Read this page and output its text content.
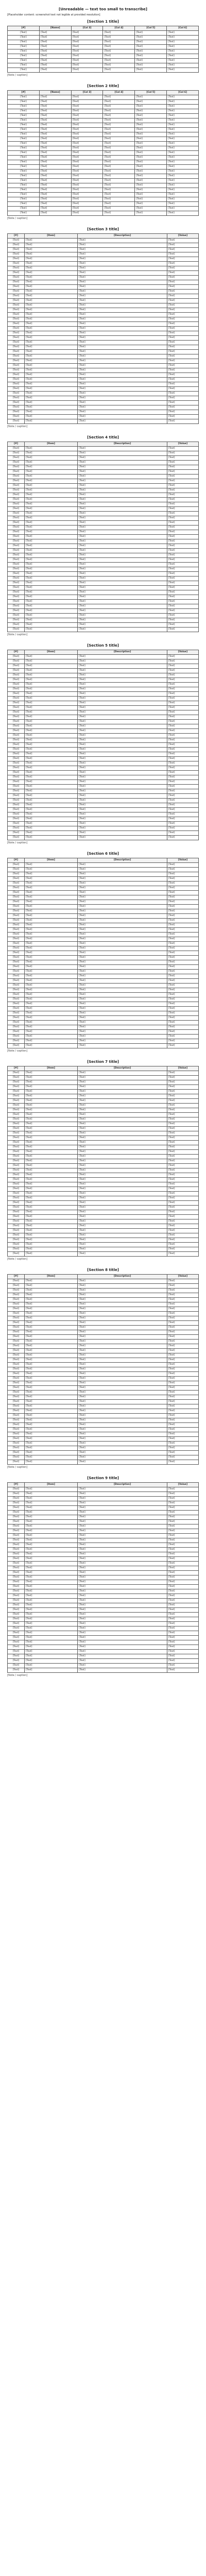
[Unreadable — text too small to transcribe]
[Placeholder content: screenshot text not legible at provided resolution]
[Section 1 title]
[#]	[Name]	[Col 3]	[Col 4]	[Col 5]	[Col 6]
[Text]	[Text]	[Text]	[Text]	[Text]	[Text]
[Text]	[Text]	[Text]	[Text]	[Text]	[Text]
[Text]	[Text]	[Text]	[Text]	[Text]	[Text]
[Text]	[Text]	[Text]	[Text]	[Text]	[Text]
[Text]	[Text]	[Text]	[Text]	[Text]	[Text]
[Text]	[Text]	[Text]	[Text]	[Text]	[Text]
[Text]	[Text]	[Text]	[Text]	[Text]	[Text]
[Text]	[Text]	[Text]	[Text]	[Text]	[Text]
[Text]	[Text]	[Text]	[Text]	[Text]	[Text]
[Note / caption]
[Section 2 title]
[#]	[Name]	[Col 3]	[Col 4]	[Col 5]	[Col 6]
[Text]	[Text]	[Text]	[Text]	[Text]	[Text]
[Text]	[Text]	[Text]	[Text]	[Text]	[Text]
[Text]	[Text]	[Text]	[Text]	[Text]	[Text]
[Text]	[Text]	[Text]	[Text]	[Text]	[Text]
[Text]	[Text]	[Text]	[Text]	[Text]	[Text]
[Text]	[Text]	[Text]	[Text]	[Text]	[Text]
[Text]	[Text]	[Text]	[Text]	[Text]	[Text]
[Text]	[Text]	[Text]	[Text]	[Text]	[Text]
[Text]	[Text]	[Text]	[Text]	[Text]	[Text]
[Text]	[Text]	[Text]	[Text]	[Text]	[Text]
[Text]	[Text]	[Text]	[Text]	[Text]	[Text]
[Text]	[Text]	[Text]	[Text]	[Text]	[Text]
[Text]	[Text]	[Text]	[Text]	[Text]	[Text]
[Text]	[Text]	[Text]	[Text]	[Text]	[Text]
[Text]	[Text]	[Text]	[Text]	[Text]	[Text]
[Text]	[Text]	[Text]	[Text]	[Text]	[Text]
[Text]	[Text]	[Text]	[Text]	[Text]	[Text]
[Text]	[Text]	[Text]	[Text]	[Text]	[Text]
[Text]	[Text]	[Text]	[Text]	[Text]	[Text]
[Text]	[Text]	[Text]	[Text]	[Text]	[Text]
[Text]	[Text]	[Text]	[Text]	[Text]	[Text]
[Text]	[Text]	[Text]	[Text]	[Text]	[Text]
[Text]	[Text]	[Text]	[Text]	[Text]	[Text]
[Text]	[Text]	[Text]	[Text]	[Text]	[Text]
[Text]	[Text]	[Text]	[Text]	[Text]	[Text]
[Text]	[Text]	[Text]	[Text]	[Text]	[Text]
[Note / caption]
[Section 3 title]
[#]	[Item]	[Description]	[Value]
[Text]	[Text]	[Text]	[Text]
[Text]	[Text]	[Text]	[Text]
[Text]	[Text]	[Text]	[Text]
[Text]	[Text]	[Text]	[Text]
[Text]	[Text]	[Text]	[Text]
[Text]	[Text]	[Text]	[Text]
[Text]	[Text]	[Text]	[Text]
[Text]	[Text]	[Text]	[Text]
[Text]	[Text]	[Text]	[Text]
[Text]	[Text]	[Text]	[Text]
[Text]	[Text]	[Text]	[Text]
[Text]	[Text]	[Text]	[Text]
[Text]	[Text]	[Text]	[Text]
[Text]	[Text]	[Text]	[Text]
[Text]	[Text]	[Text]	[Text]
[Text]	[Text]	[Text]	[Text]
[Text]	[Text]	[Text]	[Text]
[Text]	[Text]	[Text]	[Text]
[Text]	[Text]	[Text]	[Text]
[Text]	[Text]	[Text]	[Text]
[Text]	[Text]	[Text]	[Text]
[Text]	[Text]	[Text]	[Text]
[Text]	[Text]	[Text]	[Text]
[Text]	[Text]	[Text]	[Text]
[Text]	[Text]	[Text]	[Text]
[Text]	[Text]	[Text]	[Text]
[Text]	[Text]	[Text]	[Text]
[Text]	[Text]	[Text]	[Text]
[Text]	[Text]	[Text]	[Text]
[Text]	[Text]	[Text]	[Text]
[Text]	[Text]	[Text]	[Text]
[Text]	[Text]	[Text]	[Text]
[Text]	[Text]	[Text]	[Text]
[Text]	[Text]	[Text]	[Text]
[Text]	[Text]	[Text]	[Text]
[Text]	[Text]	[Text]	[Text]
[Text]	[Text]	[Text]	[Text]
[Text]	[Text]	[Text]	[Text]
[Text]	[Text]	[Text]	[Text]
[Text]	[Text]	[Text]	[Text]
[Note / caption]
[Section 4 title]
[#]	[Item]	[Description]	[Value]
[Text]	[Text]	[Text]	[Text]
[Text]	[Text]	[Text]	[Text]
[Text]	[Text]	[Text]	[Text]
[Text]	[Text]	[Text]	[Text]
[Text]	[Text]	[Text]	[Text]
[Text]	[Text]	[Text]	[Text]
[Text]	[Text]	[Text]	[Text]
[Text]	[Text]	[Text]	[Text]
[Text]	[Text]	[Text]	[Text]
[Text]	[Text]	[Text]	[Text]
[Text]	[Text]	[Text]	[Text]
[Text]	[Text]	[Text]	[Text]
[Text]	[Text]	[Text]	[Text]
[Text]	[Text]	[Text]	[Text]
[Text]	[Text]	[Text]	[Text]
[Text]	[Text]	[Text]	[Text]
[Text]	[Text]	[Text]	[Text]
[Text]	[Text]	[Text]	[Text]
[Text]	[Text]	[Text]	[Text]
[Text]	[Text]	[Text]	[Text]
[Text]	[Text]	[Text]	[Text]
[Text]	[Text]	[Text]	[Text]
[Text]	[Text]	[Text]	[Text]
[Text]	[Text]	[Text]	[Text]
[Text]	[Text]	[Text]	[Text]
[Text]	[Text]	[Text]	[Text]
[Text]	[Text]	[Text]	[Text]
[Text]	[Text]	[Text]	[Text]
[Text]	[Text]	[Text]	[Text]
[Text]	[Text]	[Text]	[Text]
[Text]	[Text]	[Text]	[Text]
[Text]	[Text]	[Text]	[Text]
[Text]	[Text]	[Text]	[Text]
[Text]	[Text]	[Text]	[Text]
[Text]	[Text]	[Text]	[Text]
[Text]	[Text]	[Text]	[Text]
[Text]	[Text]	[Text]	[Text]
[Text]	[Text]	[Text]	[Text]
[Text]	[Text]	[Text]	[Text]
[Text]	[Text]	[Text]	[Text]
[Note / caption]
[Section 5 title]
[#]	[Item]	[Description]	[Value]
[Text]	[Text]	[Text]	[Text]
[Text]	[Text]	[Text]	[Text]
[Text]	[Text]	[Text]	[Text]
[Text]	[Text]	[Text]	[Text]
[Text]	[Text]	[Text]	[Text]
[Text]	[Text]	[Text]	[Text]
[Text]	[Text]	[Text]	[Text]
[Text]	[Text]	[Text]	[Text]
[Text]	[Text]	[Text]	[Text]
[Text]	[Text]	[Text]	[Text]
[Text]	[Text]	[Text]	[Text]
[Text]	[Text]	[Text]	[Text]
[Text]	[Text]	[Text]	[Text]
[Text]	[Text]	[Text]	[Text]
[Text]	[Text]	[Text]	[Text]
[Text]	[Text]	[Text]	[Text]
[Text]	[Text]	[Text]	[Text]
[Text]	[Text]	[Text]	[Text]
[Text]	[Text]	[Text]	[Text]
[Text]	[Text]	[Text]	[Text]
[Text]	[Text]	[Text]	[Text]
[Text]	[Text]	[Text]	[Text]
[Text]	[Text]	[Text]	[Text]
[Text]	[Text]	[Text]	[Text]
[Text]	[Text]	[Text]	[Text]
[Text]	[Text]	[Text]	[Text]
[Text]	[Text]	[Text]	[Text]
[Text]	[Text]	[Text]	[Text]
[Text]	[Text]	[Text]	[Text]
[Text]	[Text]	[Text]	[Text]
[Text]	[Text]	[Text]	[Text]
[Text]	[Text]	[Text]	[Text]
[Text]	[Text]	[Text]	[Text]
[Text]	[Text]	[Text]	[Text]
[Text]	[Text]	[Text]	[Text]
[Text]	[Text]	[Text]	[Text]
[Text]	[Text]	[Text]	[Text]
[Text]	[Text]	[Text]	[Text]
[Text]	[Text]	[Text]	[Text]
[Text]	[Text]	[Text]	[Text]
[Note / caption]
[Section 6 title]
[#]	[Item]	[Description]	[Value]
[Text]	[Text]	[Text]	[Text]
[Text]	[Text]	[Text]	[Text]
[Text]	[Text]	[Text]	[Text]
[Text]	[Text]	[Text]	[Text]
[Text]	[Text]	[Text]	[Text]
[Text]	[Text]	[Text]	[Text]
[Text]	[Text]	[Text]	[Text]
[Text]	[Text]	[Text]	[Text]
[Text]	[Text]	[Text]	[Text]
[Text]	[Text]	[Text]	[Text]
[Text]	[Text]	[Text]	[Text]
[Text]	[Text]	[Text]	[Text]
[Text]	[Text]	[Text]	[Text]
[Text]	[Text]	[Text]	[Text]
[Text]	[Text]	[Text]	[Text]
[Text]	[Text]	[Text]	[Text]
[Text]	[Text]	[Text]	[Text]
[Text]	[Text]	[Text]	[Text]
[Text]	[Text]	[Text]	[Text]
[Text]	[Text]	[Text]	[Text]
[Text]	[Text]	[Text]	[Text]
[Text]	[Text]	[Text]	[Text]
[Text]	[Text]	[Text]	[Text]
[Text]	[Text]	[Text]	[Text]
[Text]	[Text]	[Text]	[Text]
[Text]	[Text]	[Text]	[Text]
[Text]	[Text]	[Text]	[Text]
[Text]	[Text]	[Text]	[Text]
[Text]	[Text]	[Text]	[Text]
[Text]	[Text]	[Text]	[Text]
[Text]	[Text]	[Text]	[Text]
[Text]	[Text]	[Text]	[Text]
[Text]	[Text]	[Text]	[Text]
[Text]	[Text]	[Text]	[Text]
[Text]	[Text]	[Text]	[Text]
[Text]	[Text]	[Text]	[Text]
[Text]	[Text]	[Text]	[Text]
[Text]	[Text]	[Text]	[Text]
[Text]	[Text]	[Text]	[Text]
[Text]	[Text]	[Text]	[Text]
[Note / caption]
[Section 7 title]
[#]	[Item]	[Description]	[Value]
[Text]	[Text]	[Text]	[Text]
[Text]	[Text]	[Text]	[Text]
[Text]	[Text]	[Text]	[Text]
[Text]	[Text]	[Text]	[Text]
[Text]	[Text]	[Text]	[Text]
[Text]	[Text]	[Text]	[Text]
[Text]	[Text]	[Text]	[Text]
[Text]	[Text]	[Text]	[Text]
[Text]	[Text]	[Text]	[Text]
[Text]	[Text]	[Text]	[Text]
[Text]	[Text]	[Text]	[Text]
[Text]	[Text]	[Text]	[Text]
[Text]	[Text]	[Text]	[Text]
[Text]	[Text]	[Text]	[Text]
[Text]	[Text]	[Text]	[Text]
[Text]	[Text]	[Text]	[Text]
[Text]	[Text]	[Text]	[Text]
[Text]	[Text]	[Text]	[Text]
[Text]	[Text]	[Text]	[Text]
[Text]	[Text]	[Text]	[Text]
[Text]	[Text]	[Text]	[Text]
[Text]	[Text]	[Text]	[Text]
[Text]	[Text]	[Text]	[Text]
[Text]	[Text]	[Text]	[Text]
[Text]	[Text]	[Text]	[Text]
[Text]	[Text]	[Text]	[Text]
[Text]	[Text]	[Text]	[Text]
[Text]	[Text]	[Text]	[Text]
[Text]	[Text]	[Text]	[Text]
[Text]	[Text]	[Text]	[Text]
[Text]	[Text]	[Text]	[Text]
[Text]	[Text]	[Text]	[Text]
[Text]	[Text]	[Text]	[Text]
[Text]	[Text]	[Text]	[Text]
[Text]	[Text]	[Text]	[Text]
[Text]	[Text]	[Text]	[Text]
[Text]	[Text]	[Text]	[Text]
[Text]	[Text]	[Text]	[Text]
[Text]	[Text]	[Text]	[Text]
[Text]	[Text]	[Text]	[Text]
[Note / caption]
[Section 8 title]
[#]	[Item]	[Description]	[Value]
[Text]	[Text]	[Text]	[Text]
[Text]	[Text]	[Text]	[Text]
[Text]	[Text]	[Text]	[Text]
[Text]	[Text]	[Text]	[Text]
[Text]	[Text]	[Text]	[Text]
[Text]	[Text]	[Text]	[Text]
[Text]	[Text]	[Text]	[Text]
[Text]	[Text]	[Text]	[Text]
[Text]	[Text]	[Text]	[Text]
[Text]	[Text]	[Text]	[Text]
[Text]	[Text]	[Text]	[Text]
[Text]	[Text]	[Text]	[Text]
[Text]	[Text]	[Text]	[Text]
[Text]	[Text]	[Text]	[Text]
[Text]	[Text]	[Text]	[Text]
[Text]	[Text]	[Text]	[Text]
[Text]	[Text]	[Text]	[Text]
[Text]	[Text]	[Text]	[Text]
[Text]	[Text]	[Text]	[Text]
[Text]	[Text]	[Text]	[Text]
[Text]	[Text]	[Text]	[Text]
[Text]	[Text]	[Text]	[Text]
[Text]	[Text]	[Text]	[Text]
[Text]	[Text]	[Text]	[Text]
[Text]	[Text]	[Text]	[Text]
[Text]	[Text]	[Text]	[Text]
[Text]	[Text]	[Text]	[Text]
[Text]	[Text]	[Text]	[Text]
[Text]	[Text]	[Text]	[Text]
[Text]	[Text]	[Text]	[Text]
[Text]	[Text]	[Text]	[Text]
[Text]	[Text]	[Text]	[Text]
[Text]	[Text]	[Text]	[Text]
[Text]	[Text]	[Text]	[Text]
[Text]	[Text]	[Text]	[Text]
[Text]	[Text]	[Text]	[Text]
[Text]	[Text]	[Text]	[Text]
[Text]	[Text]	[Text]	[Text]
[Text]	[Text]	[Text]	[Text]
[Text]	[Text]	[Text]	[Text]
[Note / caption]
[Section 9 title]
[#]	[Item]	[Description]	[Value]
[Text]	[Text]	[Text]	[Text]
[Text]	[Text]	[Text]	[Text]
[Text]	[Text]	[Text]	[Text]
[Text]	[Text]	[Text]	[Text]
[Text]	[Text]	[Text]	[Text]
[Text]	[Text]	[Text]	[Text]
[Text]	[Text]	[Text]	[Text]
[Text]	[Text]	[Text]	[Text]
[Text]	[Text]	[Text]	[Text]
[Text]	[Text]	[Text]	[Text]
[Text]	[Text]	[Text]	[Text]
[Text]	[Text]	[Text]	[Text]
[Text]	[Text]	[Text]	[Text]
[Text]	[Text]	[Text]	[Text]
[Text]	[Text]	[Text]	[Text]
[Text]	[Text]	[Text]	[Text]
[Text]	[Text]	[Text]	[Text]
[Text]	[Text]	[Text]	[Text]
[Text]	[Text]	[Text]	[Text]
[Text]	[Text]	[Text]	[Text]
[Text]	[Text]	[Text]	[Text]
[Text]	[Text]	[Text]	[Text]
[Text]	[Text]	[Text]	[Text]
[Text]	[Text]	[Text]	[Text]
[Text]	[Text]	[Text]	[Text]
[Text]	[Text]	[Text]	[Text]
[Text]	[Text]	[Text]	[Text]
[Text]	[Text]	[Text]	[Text]
[Text]	[Text]	[Text]	[Text]
[Text]	[Text]	[Text]	[Text]
[Text]	[Text]	[Text]	[Text]
[Text]	[Text]	[Text]	[Text]
[Text]	[Text]	[Text]	[Text]
[Text]	[Text]	[Text]	[Text]
[Text]	[Text]	[Text]	[Text]
[Text]	[Text]	[Text]	[Text]
[Text]	[Text]	[Text]	[Text]
[Text]	[Text]	[Text]	[Text]
[Text]	[Text]	[Text]	[Text]
[Text]	[Text]	[Text]	[Text]
[Note / caption]
